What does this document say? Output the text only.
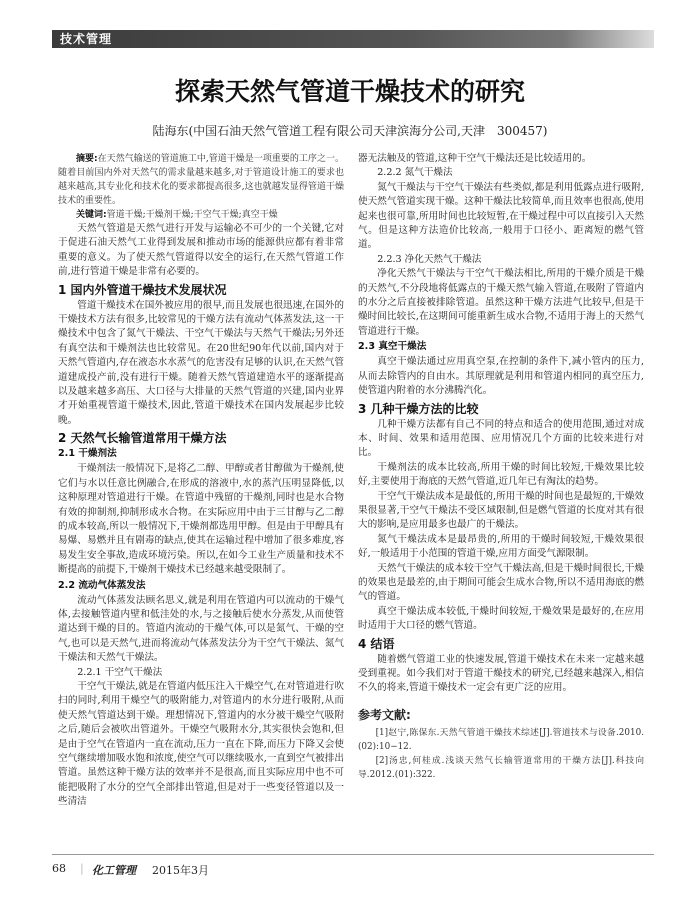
技术管理
探索天然气管道干燥技术的研究
陆海东(中国石油天然气管道工程有限公司天津滨海分公司,天津　300457)

摘要:在天然气输送的管道施工中,管道干燥是一项重要的工序之一。随着目前国内外对天然气的需求量越来越多,对于管道设计施工的要求也越来越高,其专业化和技术化的要求都提高很多,这也就越发显得管道干燥技术的重要性。

关键词:管道干燥;干燥剂干燥;干空气干燥;真空干燥

天然气管道是天然气进行开发与运输必不可少的一个关键,它对于促进石油天然气工业得到发展和推动市场的能源供应都有着非常重要的意义。为了使天然气管道得以安全的运行,在天然气管道工作前,进行管道干燥是非常有必要的。

1 国内外管道干燥技术发展状况

管道干燥技术在国外被应用的很早,而且发展也很迅速,在国外的干燥技术方法有很多,比较常见的干燥方法有流动气体蒸发法,这一干燥技术中包含了氮气干燥法、干空气干燥法与天然气干燥法;另外还有真空法和干燥剂法也比较常见。在20世纪90年代以前,国内对于天然气管道内,存在液态水水蒸气的危害没有足够的认识,在天然气管道建成投产前,没有进行干燥。随着天然气管道建造水平的逐渐提高以及越来越多高压、大口径与大排量的天然气管道的兴建,国内业界才开始重视管道干燥技术,因此,管道干燥技术在国内发展起步比较晚。

2 天然气长输管道常用干燥方法
2.1 干燥剂法

干燥剂法一般情况下,是将乙二醇、甲醇或者甘醇做为干燥剂,使它们与水以任意比例融合,在形成的溶液中,水的蒸汽压明显降低,以这种原理对管道进行干燥。在管道中残留的干燥剂,同时也是水合物有效的抑制剂,抑制形成水合物。在实际应用中由于三甘醇与乙二醇的成本较高,所以一般情况下,干燥剂都选用甲醇。但是由于甲醇具有易爆、易燃并且有剧毒的缺点,使其在运输过程中增加了很多难度,容易发生安全事故,造成环境污染。所以,在如今工业生产质量和技术不断提高的前提下,干燥剂干燥技术已经越来越受限制了。

2.2 流动气体蒸发法

流动气体蒸发法顾名思义,就是利用在管道内可以流动的干燥气体,去接触管道内壁和低洼处的水,与之接触后使水分蒸发,从而使管道达到干燥的目的。管道内流动的干燥气体,可以是氮气、干燥的空气,也可以是天然气,进而将流动气体蒸发法分为干空气干燥法、氮气干燥法和天然气干燥法。

2.2.1 干空气干燥法

干空气干燥法,就是在管道内低压注入干燥空气,在对管道进行吹扫的同时,利用干燥空气的吸附能力,对管道内的水分进行吸附,从而使天然气管道达到干燥。理想情况下,管道内的水分被干燥空气吸附之后,随后会被吹出管道外。干燥空气吸附水分,其实很快会饱和,但是由于空气在管道内一直在流动,压力一直在下降,而压力下降又会使空气继续增加吸水饱和浓度,使空气可以继续吸水,一直到空气被排出管道。虽然这种干燥方法的效率并不是很高,而且实际应用中也不可能把吸附了水分的空气全部排出管道,但是对于一些变径管道以及一些清洁

器无法触及的管道,这种干空气干燥法还是比较适用的。

2.2.2 氮气干燥法

氮气干燥法与干空气干燥法有些类似,都是利用低露点进行吸附,使天然气管道实现干燥。这种干燥法比较简单,而且效率也很高,使用起来也很可靠,所用时间也比较短暂,在干燥过程中可以直接引入天然气。但是这种方法造价比较高,一般用于口径小、距离短的燃气管道。

2.2.3 净化天然气干燥法

净化天然气干燥法与干空气干燥法相比,所用的干燥介质是干燥的天然气,不分段地将低露点的干燥天然气输入管道,在吸附了管道内的水分之后直接被排除管道。虽然这种干燥方法进气比较早,但是干燥时间比较长,在这期间可能重新生成水合物,不适用于海上的天然气管道进行干燥。

2.3 真空干燥法

真空干燥法通过应用真空泵,在控制的条件下,减小管内的压力,从而去除管内的自由水。其原理就是利用和管道内相同的真空压力,使管道内附着的水分沸腾汽化。

3 几种干燥方法的比较

几种干燥方法都有自己不同的特点和适合的使用范围,通过对成本、时间、效果和适用范围、应用情况几个方面的比较来进行对比。

干燥剂法的成本比较高,所用干燥的时间比较短,干燥效果比较好,主要使用于海底的天然气管道,近几年已有淘汰的趋势。

干空气干燥法成本是最低的,所用干燥的时间也是最短的,干燥效果很显著,干空气干燥法不受区域限制,但是燃气管道的长度对其有很大的影响,是应用最多也最广的干燥法。

氮气干燥法成本是最昂贵的,所用的干燥时间较短,干燥效果很好,一般适用于小范围的管道干燥,应用方面受气源限制。

天然气干燥法的成本较干空气干燥法高,但是干燥时间很长,干燥的效果也是最差的,由于期间可能会生成水合物,所以不适用海底的燃气的管道。

真空干燥法成本较低,干燥时间较短,干燥效果是最好的,在应用时适用于大口径的燃气管道。

4 结语

随着燃气管道工业的快速发展,管道干燥技术在未来一定越来越受到重视。如今我们对于管道干燥技术的研究,已经越来越深入,相信不久的将来,管道干燥技术一定会有更广泛的应用。

参考文献:

[1]赵宁,陈保东.天然气管道干燥技术综述[J].管道技术与设备.2010.(02):10−12.

[2]汤忠,何桂成.浅谈天然气长输管道常用的干燥方法[J].科技向导.2012.(01):322.

68 | 化工管理 2015年3月
